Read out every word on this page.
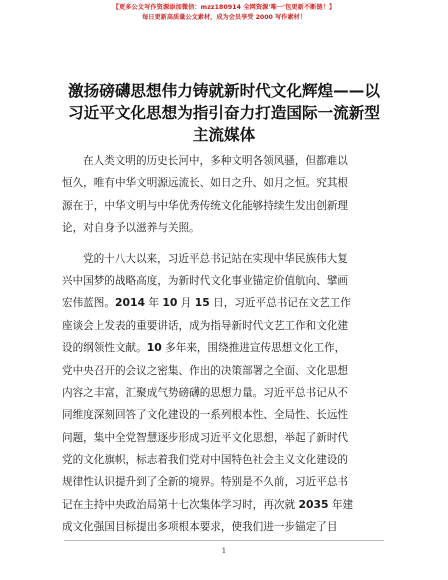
【更多公文写作资源添加微信：mzz180914 全网资源'唯一'包更新不断链！】
每日更新高质量公文素材，成为会员享受 2000 写作素材！
激扬磅礴思想伟力铸就新时代文化辉煌——以
习近平文化思想为指引奋力打造国际一流新型
主流媒体
在人类文明的历史长河中，多种文明各领风骚，但都难以
恒久，唯有中华文明源远流长、如日之升、如月之恒。究其根
源在于，中华文明与中华优秀传统文化能够持续生发出创新理
论，对自身予以滋养与关照。
党的十八大以来，习近平总书记站在实现中华民族伟大复
兴中国梦的战略高度，为新时代文化事业锚定价值航向、擘画
宏伟蓝图。2014 年 10 月 15 日，习近平总书记在文艺工作
座谈会上发表的重要讲话，成为指导新时代文艺工作和文化建
设的纲领性文献。10 多年来，围绕推进宣传思想文化工作，
党中央召开的会议之密集、作出的决策部署之全面、文化思想
内容之丰富，汇聚成气势磅礴的思想力量。习近平总书记从不
同维度深刻回答了文化建设的一系列根本性、全局性、长远性
问题，集中全党智慧逐步形成习近平文化思想，举起了新时代
党的文化旗帜，标志着我们党对中国特色社会主义文化建设的
规律性认识提升到了全新的境界。特别是不久前，习近平总书
记在主持中央政治局第十七次集体学习时，再次就 2035 年建
成文化强国目标提出多项根本要求，使我们进一步锚定了目
1
